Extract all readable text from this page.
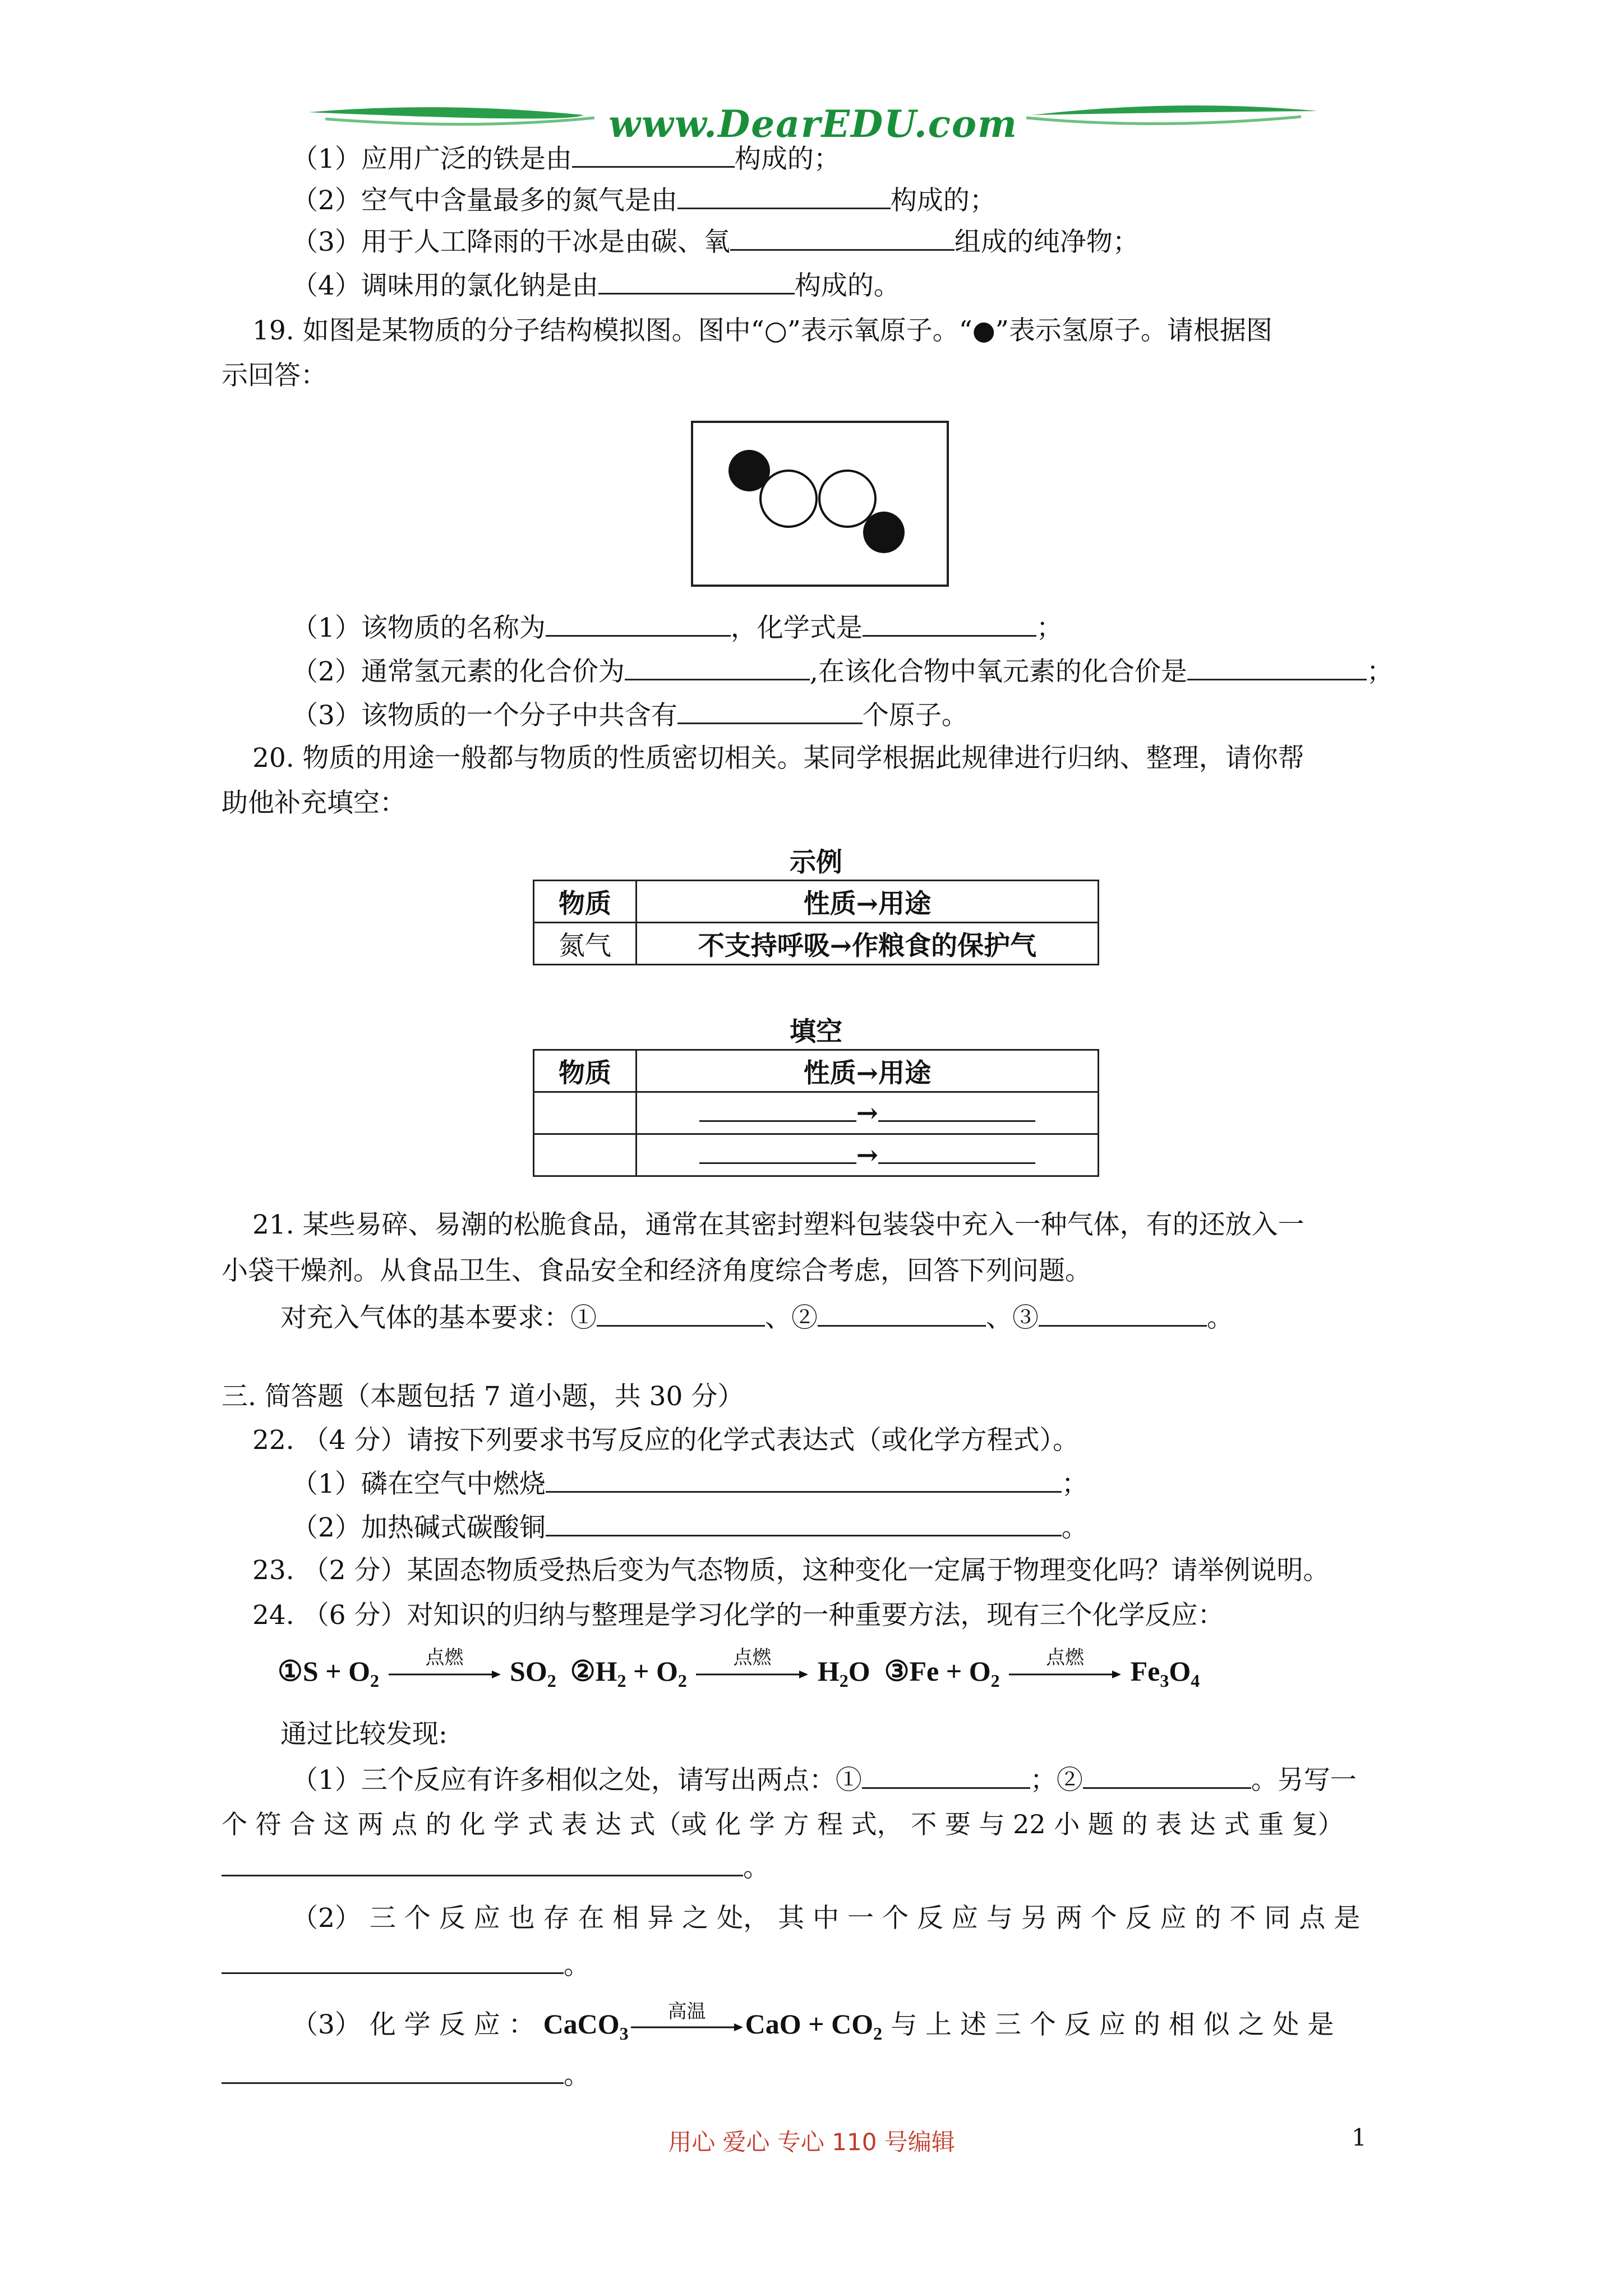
www.DearEDU.com
（1）应用广泛的铁是由	构成的；
（2）空气中含量最多的氮气是由	构成的；
（3）用于人工降雨的干冰是由碳、氧	组成的纯净物；
（4）调味用的氯化钠是由	构成的。
19. 如图是某物质的分子结构模拟图。图中“○”表示氧原子。“●”表示氢原子。请根据图
示回答：
（1）该物质的名称为	，化学式是	；
（2）通常氢元素的化合价为	,在该化合物中氧元素的化合价是	；
（3）该物质的一个分子中共含有	个原子。
20. 物质的用途一般都与物质的性质密切相关。某同学根据此规律进行归纳、整理，请你帮
助他补充填空：
示例
物质	性质→用途
氮气	不支持呼吸→作粮食的保护气
填空
物质	性质→用途
	→
	→
21. 某些易碎、易潮的松脆食品，通常在其密封塑料包装袋中充入一种气体，有的还放入一
小袋干燥剂。从食品卫生、食品安全和经济角度综合考虑，回答下列问题。
对充入气体的基本要求：①	、②	、③	。
三. 简答题（本题包括 7 道小题，共 30 分）
22. （4 分）请按下列要求书写反应的化学式表达式（或化学方程式）。
（1）磷在空气中燃烧	；
（2）加热碱式碳酸铜	。
23. （2 分）某固态物质受热后变为气态物质，这种变化一定属于物理变化吗？请举例说明。
24. （6 分）对知识的归纳与整理是学习化学的一种重要方法，现有三个化学反应：
①S + $O_2$
点燃	$SO_2$ $②H_2 + O_2$
点燃	$H_2O$ ③Fe + $O_2$
点燃	$Fe_3O_4$
通过比较发现:
（1）三个反应有许多相似之处，请写出两点：①	；②	。另写一
个 符 合 这 两 点 的 化 学 式 表 达 式（或 化 学 方 程 式， 不 要 与 22 小 题 的 表 达 式 重 复）
。
（2） 三 个 反 应 也 存 在 相 异 之 处， 其 中 一 个 反 应 与 另 两 个 反 应 的 不 同 点 是
。
（3） 化 学 反 应 ： CaCO$_3$
高温	CaO + $CO_2$ 与 上 述 三 个 反 应 的 相 似 之 处 是
。
用心 爱心 专心 110 号编辑	1
